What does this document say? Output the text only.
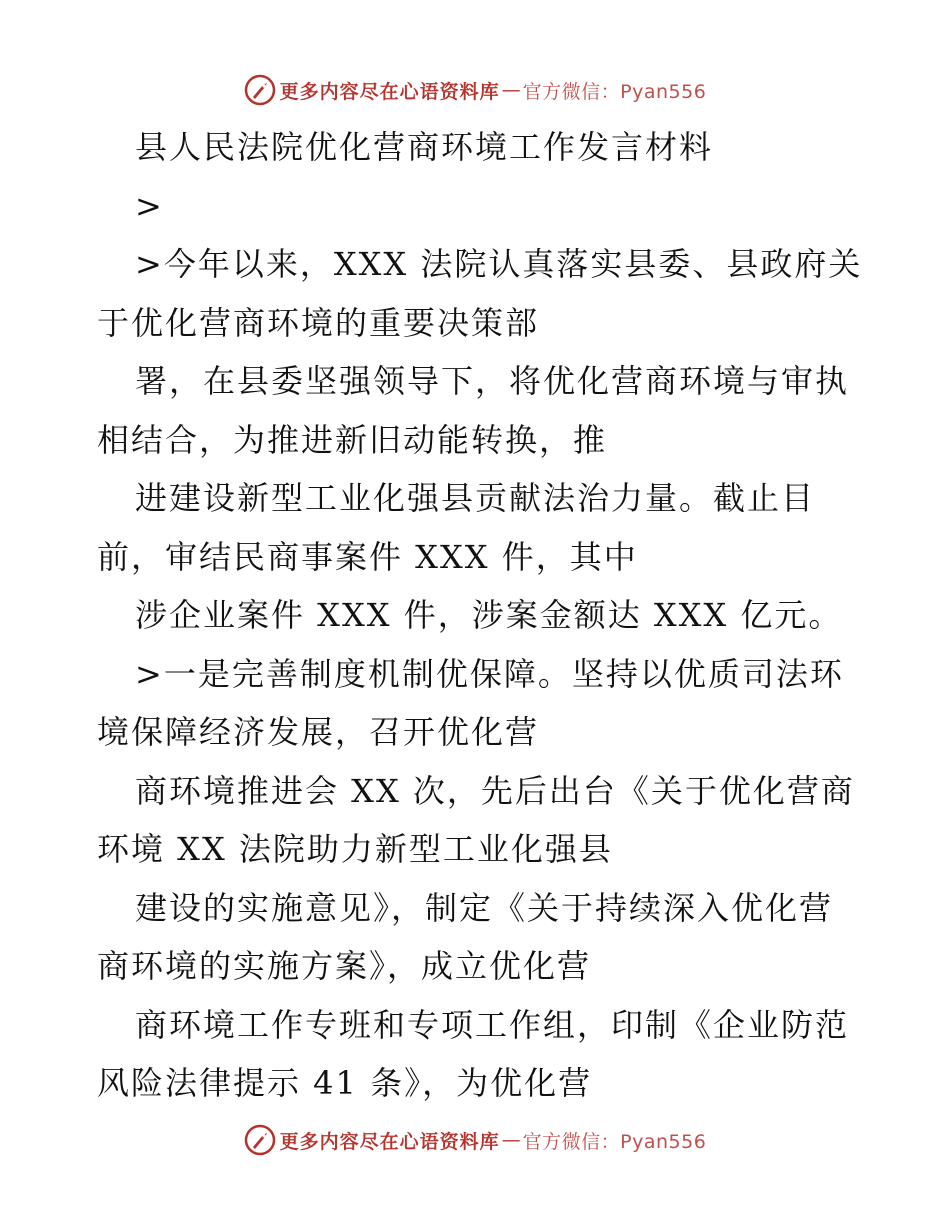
更多内容尽在心语资料库 — 官方微信：Pyan556
县人民法院优化营商环境工作发言材料
>
>今年以来，XXX 法院认真落实县委、县政府关
于优化营商环境的重要决策部
署，在县委坚强领导下，将优化营商环境与审执
相结合，为推进新旧动能转换，推
进建设新型工业化强县贡献法治力量。截止目
前，审结民商事案件 XXX 件，其中
涉企业案件 XXX 件，涉案金额达 XXX 亿元。
>一是完善制度机制优保障。坚持以优质司法环
境保障经济发展，召开优化营
商环境推进会 XX 次，先后出台《关于优化营商
环境 XX 法院助力新型工业化强县
建设的实施意见》，制定《关于持续深入优化营
商环境的实施方案》，成立优化营
商环境工作专班和专项工作组，印制《企业防范
风险法律提示 41 条》，为优化营
更多内容尽在心语资料库 — 官方微信：Pyan556
